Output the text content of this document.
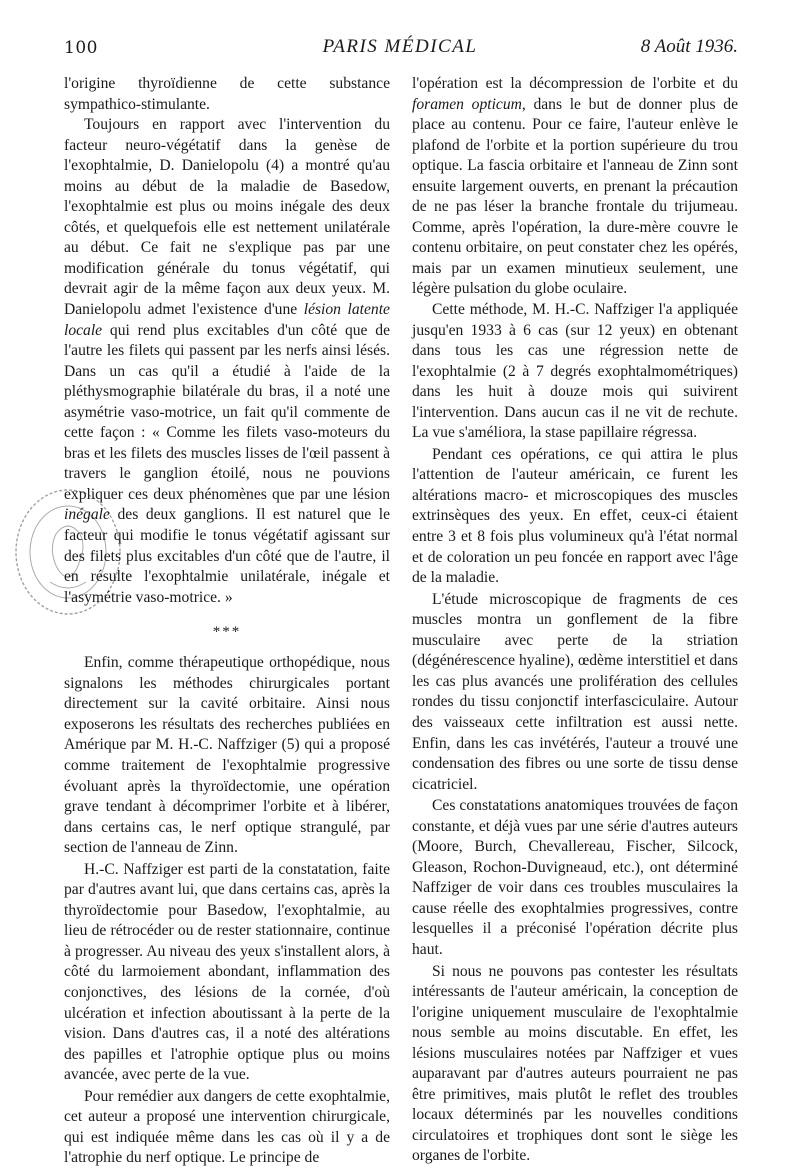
100	PARIS MÉDICAL	8 Août 1936.

l'origine thyroïdienne de cette substance sympathico-stimulante.

Toujours en rapport avec l'intervention du facteur neuro-végétatif dans la genèse de l'exophtalmie, D. Danielopolu (4) a montré qu'au moins au début de la maladie de Basedow, l'exophtalmie est plus ou moins inégale des deux côtés, et quelquefois elle est nettement unilatérale au début. Ce fait ne s'explique pas par une modification générale du tonus végétatif, qui devrait agir de la même façon aux deux yeux. M. Danielopolu admet l'existence d'une lésion latente locale qui rend plus excitables d'un côté que de l'autre les filets qui passent par les nerfs ainsi lésés. Dans un cas qu'il a étudié à l'aide de la pléthysmographie bilatérale du bras, il a noté une asymétrie vaso-motrice, un fait qu'il commente de cette façon : « Comme les filets vaso-moteurs du bras et les filets des muscles lisses de l'œil passent à travers le ganglion étoilé, nous ne pouvions expliquer ces deux phénomènes que par une lésion inégale des deux ganglions. Il est naturel que le facteur qui modifie le tonus végétatif agissant sur des filets plus excitables d'un côté que de l'autre, il en résulte l'exophtalmie unilatérale, inégale et l'asymétrie vaso-motrice. »

***

Enfin, comme thérapeutique orthopédique, nous signalons les méthodes chirurgicales portant directement sur la cavité orbitaire. Ainsi nous exposerons les résultats des recherches publiées en Amérique par M. H.-C. Naffziger (5) qui a proposé comme traitement de l'exophtalmie progressive évoluant après la thyroïdectomie, une opération grave tendant à décomprimer l'orbite et à libérer, dans certains cas, le nerf optique strangulé, par section de l'anneau de Zinn.

H.-C. Naffziger est parti de la constatation, faite par d'autres avant lui, que dans certains cas, après la thyroïdectomie pour Basedow, l'exophtalmie, au lieu de rétrocéder ou de rester stationnaire, continue à progresser. Au niveau des yeux s'installent alors, à côté du larmoiement abondant, inflammation des conjonctives, des lésions de la cornée, d'où ulcération et infection aboutissant à la perte de la vision. Dans d'autres cas, il a noté des altérations des papilles et l'atrophie optique plus ou moins avancée, avec perte de la vue.

Pour remédier aux dangers de cette exophtalmie, cet auteur a proposé une intervention chirurgicale, qui est indiquée même dans les cas où il y a de l'atrophie du nerf optique. Le principe de

l'opération est la décompression de l'orbite et du foramen opticum, dans le but de donner plus de place au contenu. Pour ce faire, l'auteur enlève le plafond de l'orbite et la portion supérieure du trou optique. La fascia orbitaire et l'anneau de Zinn sont ensuite largement ouverts, en prenant la précaution de ne pas léser la branche frontale du trijumeau. Comme, après l'opération, la dure-mère couvre le contenu orbitaire, on peut constater chez les opérés, mais par un examen minutieux seulement, une légère pulsation du globe oculaire.

Cette méthode, M. H.-C. Naffziger l'a appliquée jusqu'en 1933 à 6 cas (sur 12 yeux) en obtenant dans tous les cas une régression nette de l'exophtalmie (2 à 7 degrés exophtalmométriques) dans les huit à douze mois qui suivirent l'intervention. Dans aucun cas il ne vit de rechute. La vue s'améliora, la stase papillaire régressa.

Pendant ces opérations, ce qui attira le plus l'attention de l'auteur américain, ce furent les altérations macro- et microscopiques des muscles extrinsèques des yeux. En effet, ceux-ci étaient entre 3 et 8 fois plus volumineux qu'à l'état normal et de coloration un peu foncée en rapport avec l'âge de la maladie.

L'étude microscopique de fragments de ces muscles montra un gonflement de la fibre musculaire avec perte de la striation (dégénérescence hyaline), œdème interstitiel et dans les cas plus avancés une prolifération des cellules rondes du tissu conjonctif interfasciculaire. Autour des vaisseaux cette infiltration est aussi nette. Enfin, dans les cas invétérés, l'auteur a trouvé une condensation des fibres ou une sorte de tissu dense cicatriciel.

Ces constatations anatomiques trouvées de façon constante, et déjà vues par une série d'autres auteurs (Moore, Burch, Chevallereau, Fischer, Silcock, Gleason, Rochon-Duvigneaud, etc.), ont déterminé Naffziger de voir dans ces troubles musculaires la cause réelle des exophtalmies progressives, contre lesquelles il a préconisé l'opération décrite plus haut.

Si nous ne pouvons pas contester les résultats intéressants de l'auteur américain, la conception de l'origine uniquement musculaire de l'exophtalmie nous semble au moins discutable. En effet, les lésions musculaires notées par Naffziger et vues auparavant par d'autres auteurs pourraient ne pas être primitives, mais plutôt le reflet des troubles locaux déterminés par les nouvelles conditions circulatoires et trophiques dont sont le siège les organes de l'orbite.
